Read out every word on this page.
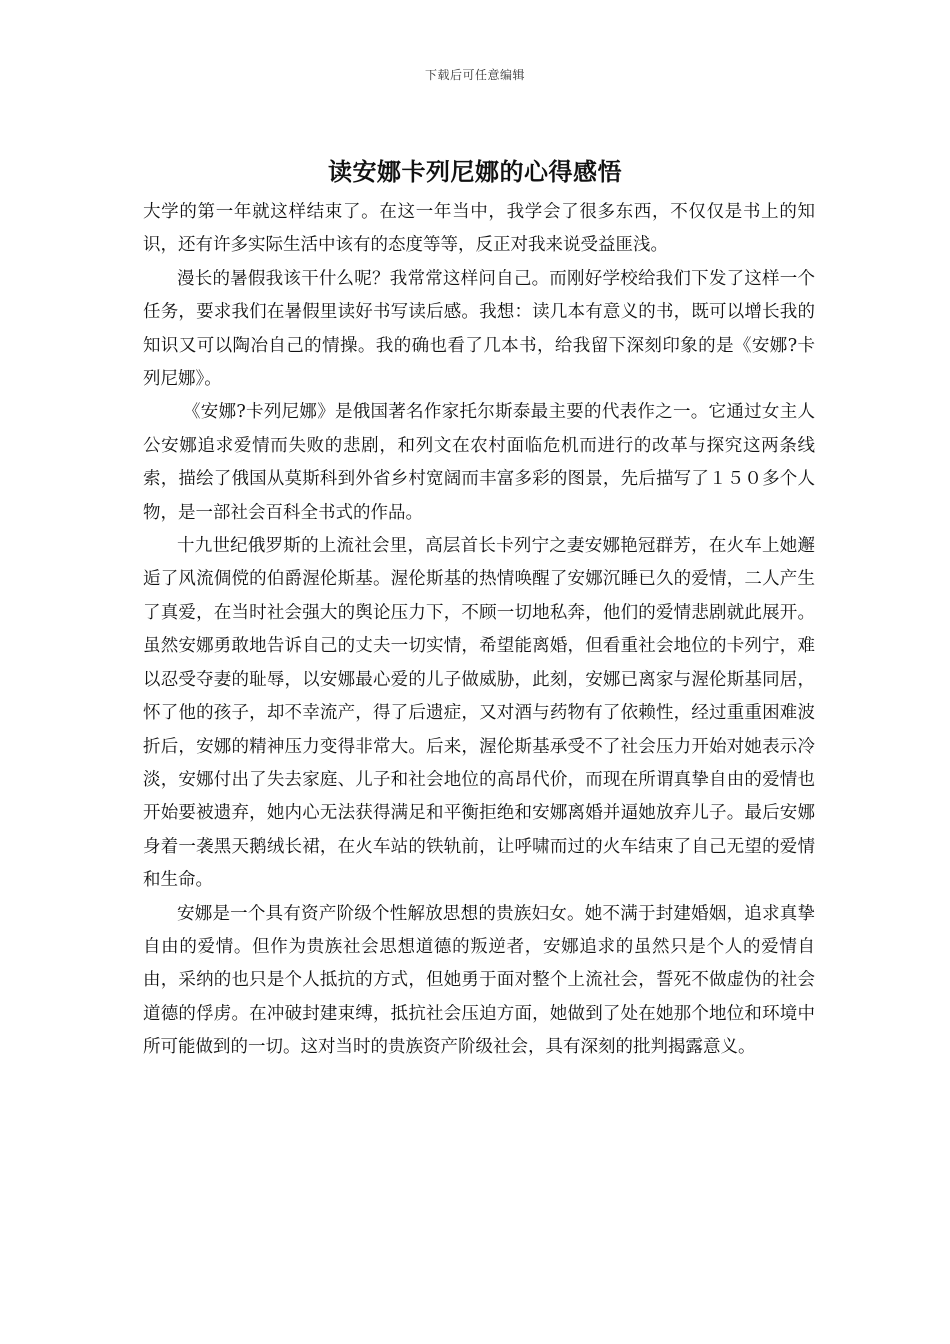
下载后可任意编辑
读安娜卡列尼娜的心得感悟

大学的第一年就这样结束了。在这一年当中，我学会了很多东西，不仅仅是书上的知识，还有许多实际生活中该有的态度等等，反正对我来说受益匪浅。

漫长的暑假我该干什么呢？我常常这样问自己。而刚好学校给我们下发了这样一个任务，要求我们在暑假里读好书写读后感。我想：读几本有意义的书，既可以增长我的知识又可以陶冶自己的情操。我的确也看了几本书，给我留下深刻印象的是《安娜?卡列尼娜》。

《安娜?卡列尼娜》是俄国著名作家托尔斯泰最主要的代表作之一。它通过女主人公安娜追求爱情而失败的悲剧，和列文在农村面临危机而进行的改革与探究这两条线索，描绘了俄国从莫斯科到外省乡村宽阔而丰富多彩的图景，先后描写了１５０多个人物，是一部社会百科全书式的作品。

十九世纪俄罗斯的上流社会里，高层首长卡列宁之妻安娜艳冠群芳，在火车上她邂逅了风流倜傥的伯爵渥伦斯基。渥伦斯基的热情唤醒了安娜沉睡已久的爱情，二人产生了真爱，在当时社会强大的舆论压力下，不顾一切地私奔，他们的爱情悲剧就此展开。虽然安娜勇敢地告诉自己的丈夫一切实情，希望能离婚，但看重社会地位的卡列宁，难以忍受夺妻的耻辱，以安娜最心爱的儿子做威胁，此刻，安娜已离家与渥伦斯基同居，怀了他的孩子，却不幸流产，得了后遗症，又对酒与药物有了依赖性，经过重重困难波折后，安娜的精神压力变得非常大。后来，渥伦斯基承受不了社会压力开始对她表示冷淡，安娜付出了失去家庭、儿子和社会地位的高昂代价，而现在所谓真挚自由的爱情也开始要被遗弃，她内心无法获得满足和平衡拒绝和安娜离婚并逼她放弃儿子。最后安娜身着一袭黑天鹅绒长裙，在火车站的铁轨前，让呼啸而过的火车结束了自己无望的爱情和生命。

安娜是一个具有资产阶级个性解放思想的贵族妇女。她不满于封建婚姻，追求真挚自由的爱情。但作为贵族社会思想道德的叛逆者，安娜追求的虽然只是个人的爱情自由，采纳的也只是个人抵抗的方式，但她勇于面对整个上流社会，誓死不做虚伪的社会道德的俘虏。在冲破封建束缚，抵抗社会压迫方面，她做到了处在她那个地位和环境中所可能做到的一切。这对当时的贵族资产阶级社会，具有深刻的批判揭露意义。
